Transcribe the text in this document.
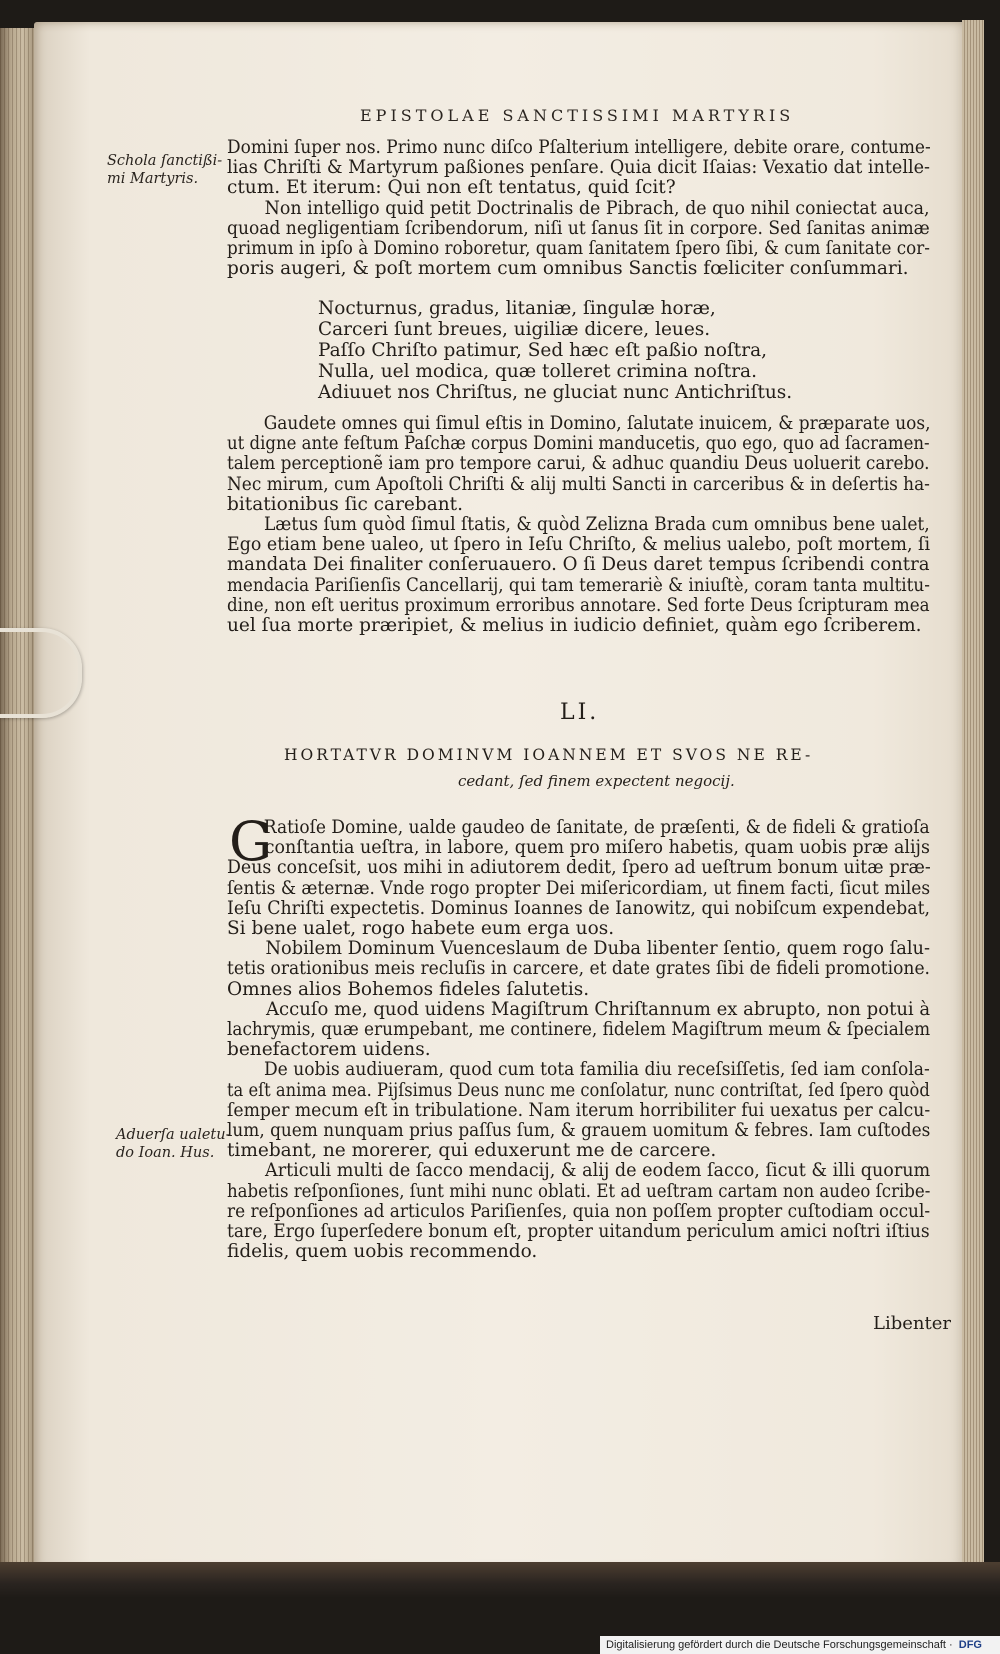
EPISTOLAE SANCTISSIMI MARTYRIS
Schola ſanctißi-
mi Martyris.
Domini ſuper nos. Primo nunc diſco Pſalterium intelligere, debite orare, contume-
lias Chriſti & Martyrum paßiones penſare. Quia dicit Iſaias: Vexatio dat intelle-
ctum. Et iterum: Qui non eſt tentatus, quid ſcit?
Non intelligo quid petit Doctrinalis de Pibrach, de quo nihil conіectat auca,
quoad negligentiam ſcribendorum, niſi ut ſanus ſit in corpore. Sed ſanitas animæ
primum in ipſo à Domino roboretur, quam ſanitatem ſpero ſibi, & cum ſanitate cor-
poris augeri, & poſt mortem cum omnibus Sanctis fœliciter conſummari.
Nocturnus, gradus, litaniæ, ſingulæ horæ,
Carceri ſunt breues, uigiliæ dicere, leues.
Paſſo Chriſto patimur, Sed hæc eſt paßio noſtra,
Nulla, uel modica, quæ tolleret crimina noſtra.
Adiuuet nos Chriſtus, ne gluciat nunc Antichriſtus.
Gaudete omnes qui ſimul eſtis in Domino, ſalutate inuicem, & præparate uos,
ut digne ante feſtum Paſchæ corpus Domini manducetis, quo ego, quo ad ſacramen-
talem perceptionẽ iam pro tempore carui, & adhuc quandiu Deus uoluerit carebo.
Nec mirum, cum Apoſtoli Chriſti & alij multi Sancti in carceribus & in deſertis ha-
bitationibus ſic carebant.
Lætus ſum quòd ſimul ſtatis, & quòd Zelizna Brada cum omnibus bene ualet,
Ego etiam bene ualeo, ut ſpero in Ieſu Chriſto, & melius ualebo, poſt mortem, ſi
mandata Dei finaliter conſeruauero. O ſi Deus daret tempus ſcribendi contra
mendacia Pariſienſis Cancellarij, qui tam temerariè & iniuſtè, coram tanta multitu-
dine, non eſt ueritus proximum erroribus annotare. Sed forte Deus ſcripturam mea
uel ſua morte præripiet, & melius in iudicio definiet, quàm ego ſcriberem.
LI.
HORTATVR DOMINVM IOANNEM ET SVOS NE RE-
cedant, ſed finem expectent negocij.
G
Ratioſe Domine, ualde gaudeo de ſanitate, de præſenti, & de fideli & gratioſa
conſtantia ueſtra, in labore, quem pro miſero habetis, quam uobis præ alijs
Deus conceſsit, uos mihi in adiutorem dedit, ſpero ad ueſtrum bonum uitæ præ-
ſentis & æternæ. Vnde rogo propter Dei miſericordiam, ut finem facti, ſicut miles
Ieſu Chriſti expectetis. Dominus Ioannes de Ianowitz, qui nobiſcum expendebat,
Si bene ualet, rogo habete eum erga uos.
Nobilem Dominum Vuenceslaum de Duba libenter ſentio, quem rogo ſalu-
tetis orationibus meis recluſis in carcere, et date grates ſibi de fideli promotione.
Omnes alios Bohemos fideles ſalutetis.
Accuſo me, quod uidens Magiſtrum Chriſtannum ex abrupto, non potui à
lachrymis, quæ erumpebant, me continere, fidelem Magiſtrum meum & ſpecialem
benefactorem uidens.
De uobis audiueram, quod cum tota familia diu receſsiſſetis, ſed iam conſola-
ta eſt anima mea. Pijſsimus Deus nunc me conſolatur, nunc contriſtat, ſed ſpero quòd
ſemper mecum eſt in tribulatione. Nam iterum horribiliter fui uexatus per calcu-
lum, quem nunquam prius paſſus ſum, & grauem uomitum & febres. Iam cuſtodes
timebant, ne morerer, qui eduxerunt me de carcere.
Articuli multi de ſacco mendacij, & alij de eodem ſacco, ſicut & illi quorum
habetis reſponſiones, ſunt mihi nunc oblati. Et ad ueſtram cartam non audeo ſcribe-
re reſponſiones ad articulos Pariſienſes, quia non poſſem propter cuſtodiam occul-
tare, Ergo ſuperſedere bonum eſt, propter uitandum periculum amici noſtri iſtius
fidelis, quem uobis recommendo.
Aduerſa ualetu-
do Ioan. Hus.
Libenter
Digitalisierung gefördert durch die Deutsche Forschungsgemeinschaft · DFG
